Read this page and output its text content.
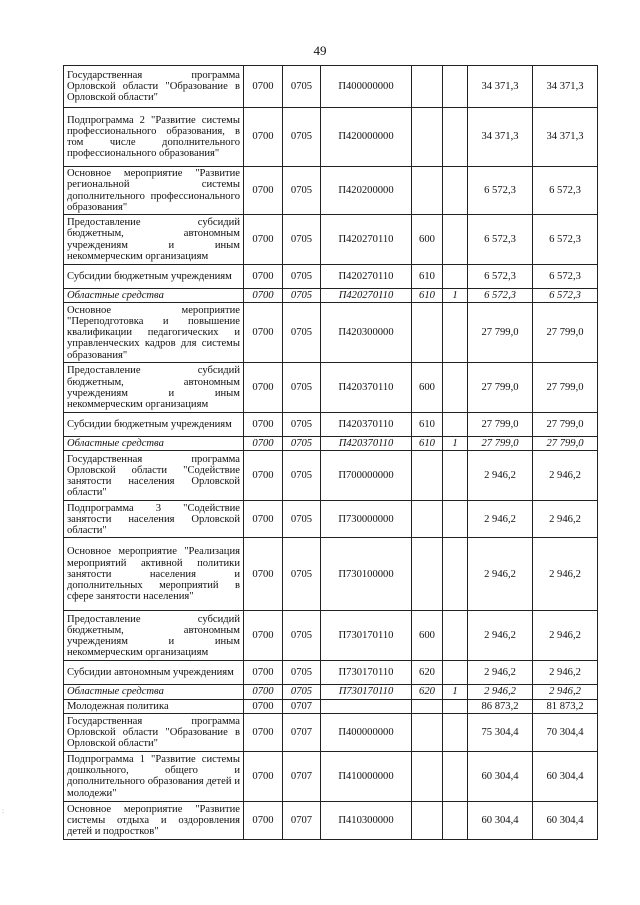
49
Государственная программа Орловской области "Образование в Орловской области"	0700	0705	П400000000			34 371,3	34 371,3
Подпрограмма 2 "Развитие системы профессионального образования, в том числе дополнительного профессионального образования"	0700	0705	П420000000			34 371,3	34 371,3
Основное мероприятие "Развитие региональной системы дополнительного профессионального образования"	0700	0705	П420200000			6 572,3	6 572,3
Предоставление субсидий бюджетным, автономным учреждениям и иным некоммерческим организациям	0700	0705	П420270110	600		6 572,3	6 572,3
Субсидии бюджетным учреждениям	0700	0705	П420270110	610		6 572,3	6 572,3
Областные средства	0700	0705	П420270110	610	1	6 572,3	6 572,3
Основное мероприятие "Переподготовка и повышение квалификации педагогических и управленческих кадров для системы образования"	0700	0705	П420300000			27 799,0	27 799,0
Предоставление субсидий бюджетным, автономным учреждениям и иным некоммерческим организациям	0700	0705	П420370110	600		27 799,0	27 799,0
Субсидии бюджетным учреждениям	0700	0705	П420370110	610		27 799,0	27 799,0
Областные средства	0700	0705	П420370110	610	1	27 799,0	27 799,0
Государственная программа Орловской области "Содействие занятости населения Орловской области"	0700	0705	П700000000			2 946,2	2 946,2
Подпрограмма 3 "Содействие занятости населения Орловской области"	0700	0705	П730000000			2 946,2	2 946,2
Основное мероприятие "Реализация мероприятий активной политики занятости населения и дополнительных мероприятий в сфере занятости населения"	0700	0705	П730100000			2 946,2	2 946,2
Предоставление субсидий бюджетным, автономным учреждениям и иным некоммерческим организациям	0700	0705	П730170110	600		2 946,2	2 946,2
Субсидии автономным учреждениям	0700	0705	П730170110	620		2 946,2	2 946,2
Областные средства	0700	0705	П730170110	620	1	2 946,2	2 946,2
Молодежная политика	0700	0707				86 873,2	81 873,2
Государственная программа Орловской области "Образование в Орловской области"	0700	0707	П400000000			75 304,4	70 304,4
Подпрограмма 1 "Развитие системы дошкольного, общего и дополнительного образования детей и молодежи"	0700	0707	П410000000			60 304,4	60 304,4
Основное мероприятие "Развитие системы отдыха и оздоровления детей и подростков"	0700	0707	П410300000			60 304,4	60 304,4
:
